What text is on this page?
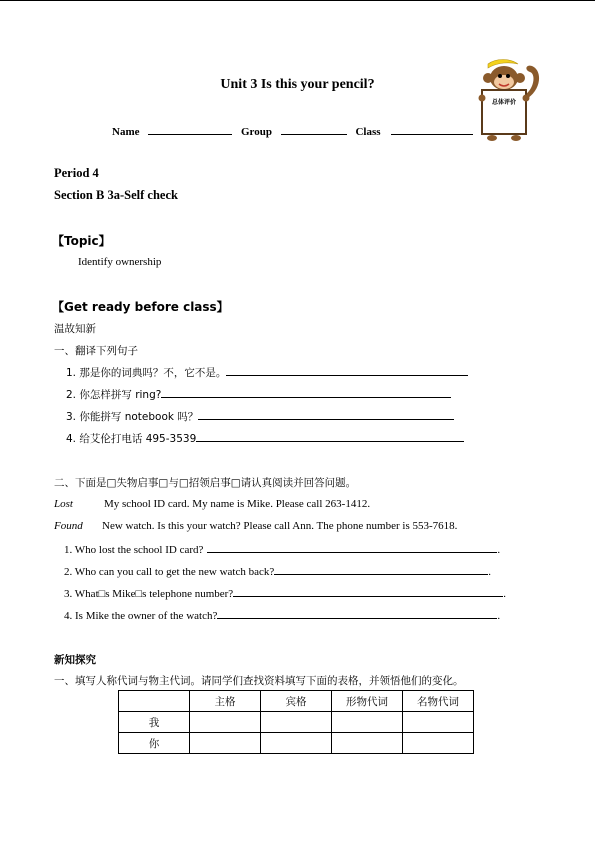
总体评价
Unit 3 Is this your pencil?
Name	Group	Class
Period 4
Section B 3a-Self check
【Topic】
Identify ownership
【Get ready before class】
温故知新
一、翻译下列句子
1. 那是你的词典吗？不，它不是。
2. 你怎样拼写 ring?
3. 你能拼写 notebook 吗？
4. 给艾伦打电话 495-3539
二、下面是□失物启事□与□招领启事□请认真阅读并回答问题。
Lost	My school ID card. My name is Mike. Please call 263-1412.
Found New watch. Is this your watch? Please call Ann. The phone number is 553-7618.
1. Who lost the school ID card?	.
2. Who can you call to get the new watch back?	.
3. What□s Mike□s telephone number?	.
4. Is Mike the owner of the watch?	.
新知探究
一、填写人称代词与物主代词。请同学们查找资料填写下面的表格，并领悟他们的变化。
	主格	宾格	形物代词	名物代词
我				
你				
